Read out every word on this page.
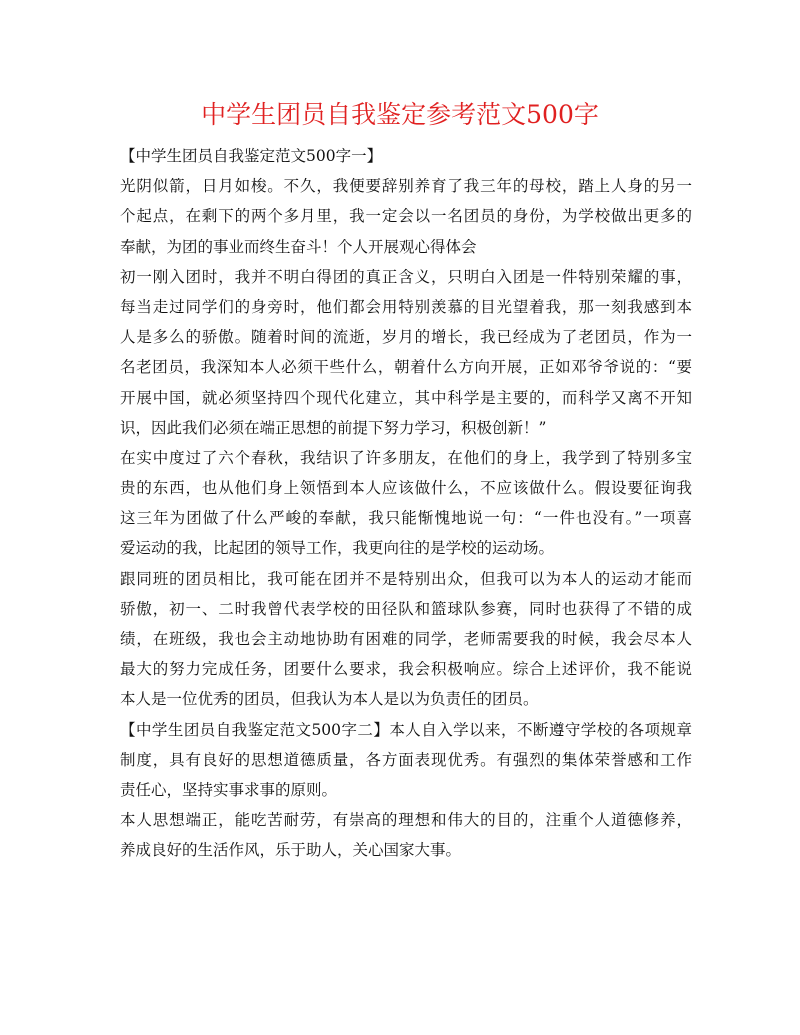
中学生团员自我鉴定参考范文500字

【中学生团员自我鉴定范文500字一】

光阴似箭，日月如梭。不久，我便要辞别养育了我三年的母校，踏上人身的另一
个起点，在剩下的两个多月里，我一定会以一名团员的身份，为学校做出更多的
奉献，为团的事业而终生奋斗！个人开展观心得体会

初一刚入团时，我并不明白得团的真正含义，只明白入团是一件特别荣耀的事，
每当走过同学们的身旁时，他们都会用特别羡慕的目光望着我，那一刻我感到本
人是多么的骄傲。随着时间的流逝，岁月的增长，我已经成为了老团员，作为一
名老团员，我深知本人必须干些什么，朝着什么方向开展，正如邓爷爷说的：“要
开展中国，就必须坚持四个现代化建立，其中科学是主要的，而科学又离不开知
识，因此我们必须在端正思想的前提下努力学习，积极创新！”

在实中度过了六个春秋，我结识了许多朋友，在他们的身上，我学到了特别多宝
贵的东西，也从他们身上领悟到本人应该做什么，不应该做什么。假设要征询我
这三年为团做了什么严峻的奉献，我只能惭愧地说一句：“一件也没有。”一项喜
爱运动的我，比起团的领导工作，我更向往的是学校的运动场。

跟同班的团员相比，我可能在团并不是特别出众，但我可以为本人的运动才能而
骄傲，初一、二时我曾代表学校的田径队和篮球队参赛，同时也获得了不错的成
绩，在班级，我也会主动地协助有困难的同学，老师需要我的时候，我会尽本人
最大的努力完成任务，团要什么要求，我会积极响应。综合上述评价，我不能说
本人是一位优秀的团员，但我认为本人是以为负责任的团员。

【中学生团员自我鉴定范文500字二】本人自入学以来，不断遵守学校的各项规章
制度，具有良好的思想道德质量，各方面表现优秀。有强烈的集体荣誉感和工作
责任心，坚持实事求事的原则。

本人思想端正，能吃苦耐劳，有崇高的理想和伟大的目的，注重个人道德修养，
养成良好的生活作风，乐于助人，关心国家大事。
